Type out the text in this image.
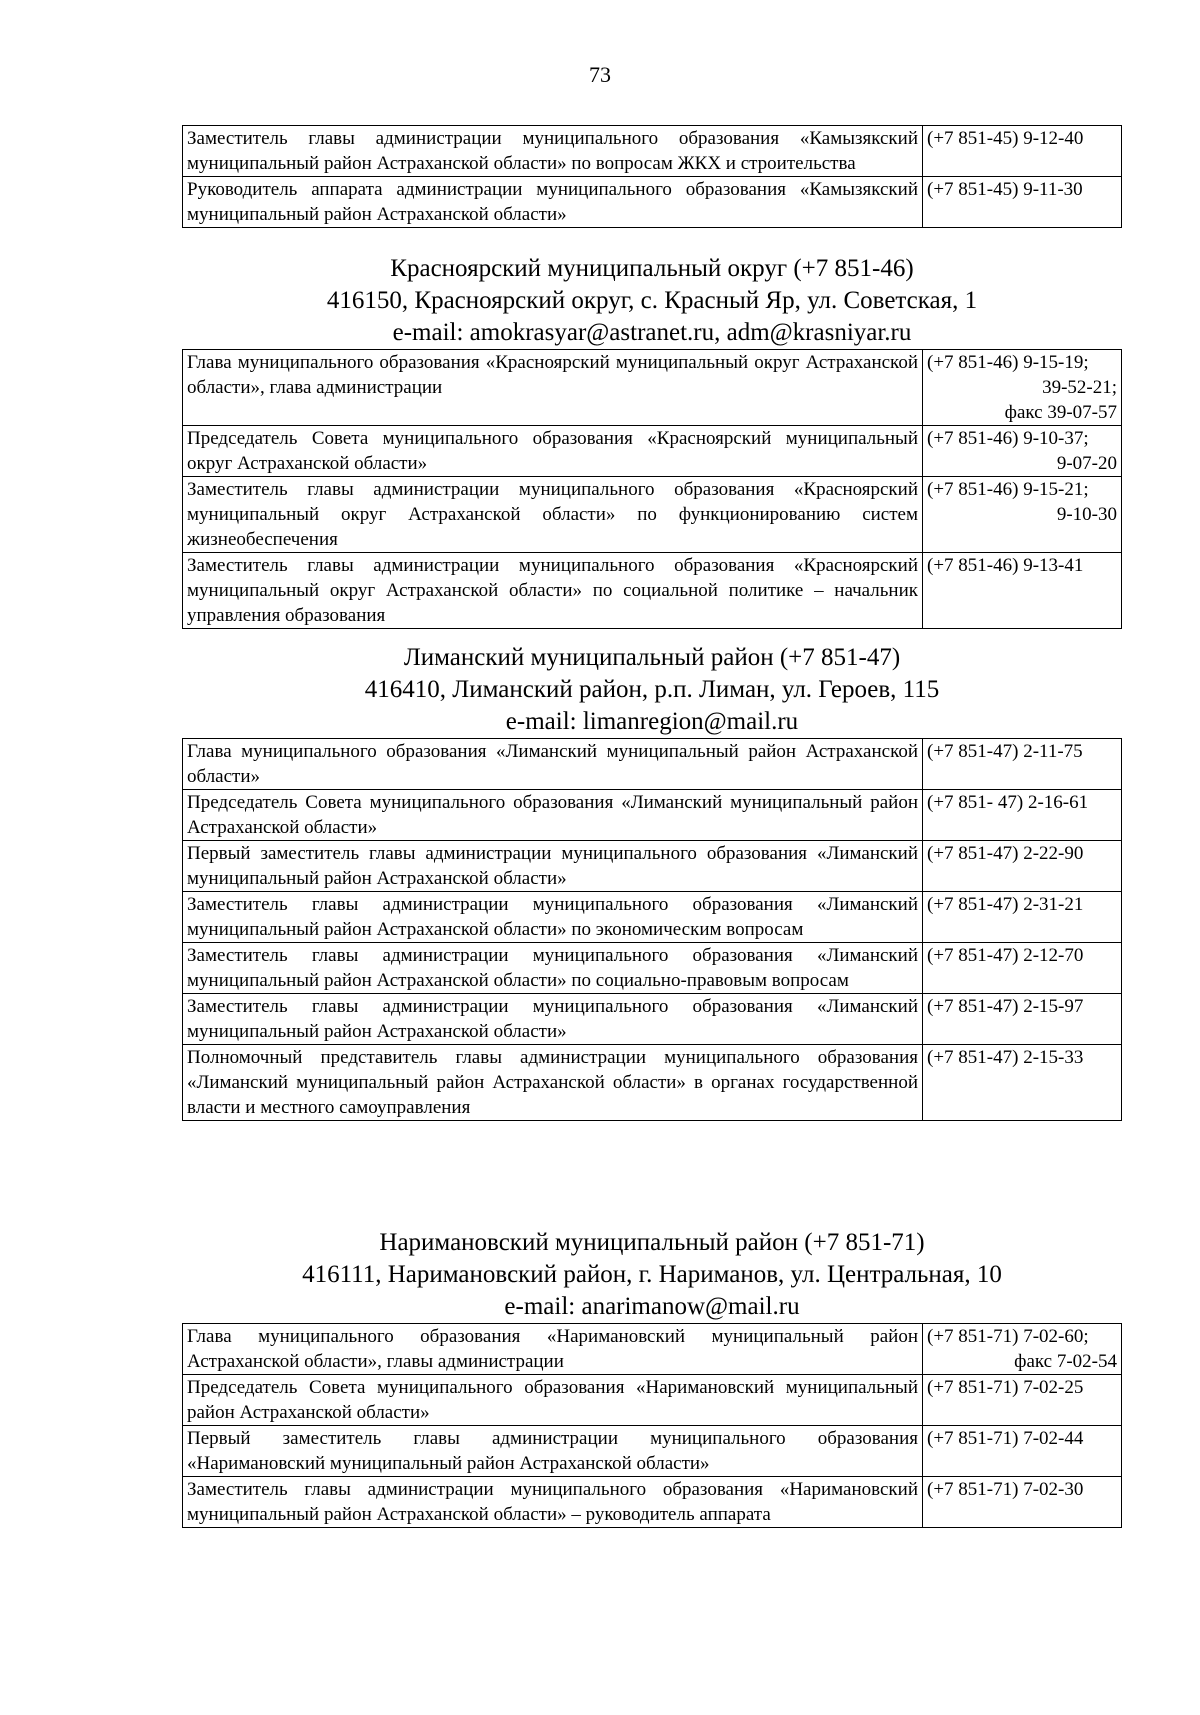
73
Заместитель главы администрации муниципального образования «Камызякский муниципальный район Астраханской области» по вопросам ЖКХ и строительства	(+7 851-45) 9-12-40

Руководитель аппарата администрации муниципального образования «Камызякский муниципальный район Астраханской области»	(+7 851-45) 9-11-30
Красноярский муниципальный округ (+7 851-46)
416150, Красноярский округ, с. Красный Яр, ул. Советская, 1
e-mail: amokrasyar@astranet.ru, adm@krasniyar.ru
Глава муниципального образования «Красноярский муниципальный округ Астраханской области», глава администрации	(+7 851-46) 9-15-19;
39-52-21;
факс 39-07-57

Председатель Совета муниципального образования «Красноярский муниципальный округ Астраханской области»	(+7 851-46) 9-10-37;
9-07-20

Заместитель главы администрации муниципального образования «Красноярский муниципальный округ Астраханской области» по функционированию систем жизнеобеспечения	(+7 851-46) 9-15-21;
9-10-30

Заместитель главы администрации муниципального образования «Красноярский муниципальный округ Астраханской области» по социальной политике – начальник управления образования	(+7 851-46) 9-13-41
Лиманский муниципальный район (+7 851-47)
416410, Лиманский район, р.п. Лиман, ул. Героев, 115
e-mail: limanregion@mail.ru
Глава муниципального образования «Лиманский муниципальный район Астраханской области»	(+7 851-47) 2-11-75

Председатель Совета муниципального образования «Лиманский муниципальный район Астраханской области»	(+7 851- 47) 2-16-61

Первый заместитель главы администрации муниципального образования «Лиманский муниципальный район Астраханской области»	(+7 851-47) 2-22-90

Заместитель главы администрации муниципального образования «Лиманский муниципальный район Астраханской области» по экономическим вопросам	(+7 851-47) 2-31-21

Заместитель главы администрации муниципального образования «Лиманский муниципальный район Астраханской области» по социально-правовым вопросам	(+7 851-47) 2-12-70

Заместитель главы администрации муниципального образования «Лиманский муниципальный район Астраханской области»	(+7 851-47) 2-15-97

Полномочный представитель главы администрации муниципального образования «Лиманский муниципальный район Астраханской области» в органах государственной власти и местного самоуправления	(+7 851-47) 2-15-33
Наримановский муниципальный район (+7 851-71)
416111, Наримановский район, г. Нариманов, ул. Центральная, 10
e-mail: anarimanow@mail.ru
Глава муниципального образования «Наримановский муниципальный район Астраханской области», главы администрации	(+7 851-71) 7-02-60;
факс 7-02-54

Председатель Совета муниципального образования «Наримановский муниципальный район Астраханской области»	(+7 851-71) 7-02-25

Первый заместитель главы администрации муниципального образования «Наримановский муниципальный район Астраханской области»	(+7 851-71) 7-02-44

Заместитель главы администрации муниципального образования «Наримановский муниципальный район Астраханской области» – руководитель аппарата	(+7 851-71) 7-02-30
